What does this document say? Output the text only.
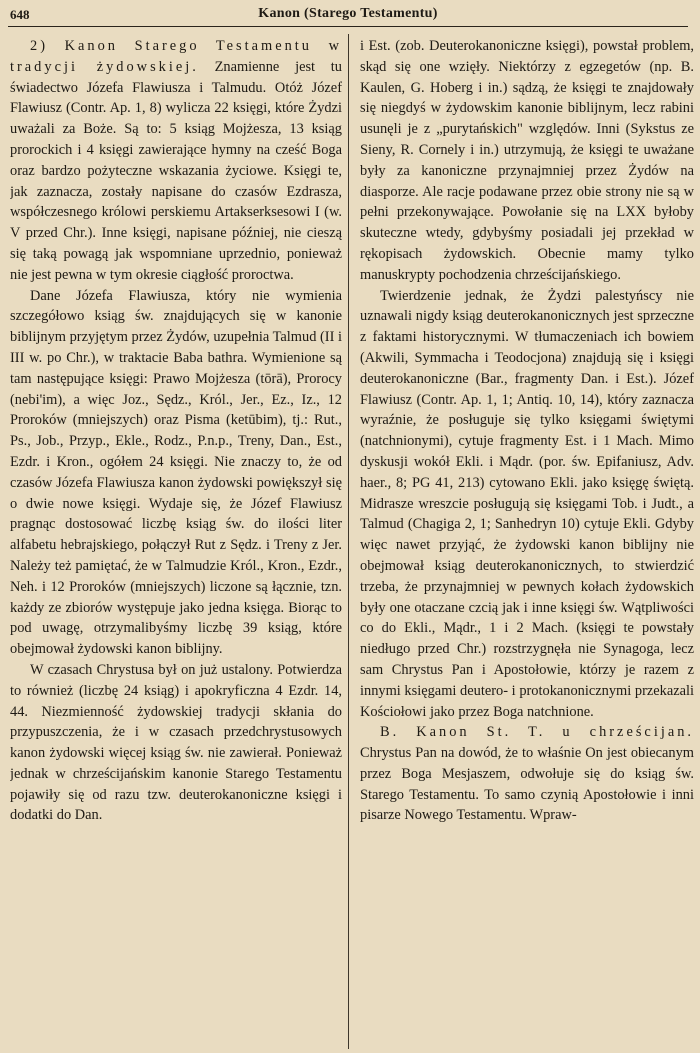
648	Kanon (Starego Testamentu)

2) Kanon Starego Testamentu w tradycji żydowskiej. Znamienne jest tu świadectwo Józefa Flawiusza i Talmudu. Otóż Józef Flawiusz (Contr. Ap. 1, 8) wylicza 22 księgi, które Żydzi uważali za Boże. Są to: 5 ksiąg Mojżesza, 13 ksiąg prorockich i 4 księgi zawierające hymny na cześć Boga oraz bardzo pożyteczne wskazania życiowe. Księgi te, jak zaznacza, zostały napisane do czasów Ezdrasza, współczesnego królowi perskiemu Artakserksesowi I (w. V przed Chr.). Inne księgi, napisane później, nie cieszą się taką powagą jak wspomniane uprzednio, ponieważ nie jest pewna w tym okresie ciągłość proroctwa.

Dane Józefa Flawiusza, który nie wymienia szczegółowo ksiąg św. znajdujących się w kanonie biblijnym przyjętym przez Żydów, uzupełnia Talmud (II i III w. po Chr.), w traktacie Baba bathra. Wymienione są tam następujące księgi: Prawo Mojżesza (tōrā), Prorocy (nebi'im), a więc Joz., Sędz., Król., Jer., Ez., Iz., 12 Proroków (mniejszych) oraz Pisma (ketūbim), tj.: Rut., Ps., Job., Przyp., Ekle., Rodz., P.n.p., Treny, Dan., Est., Ezdr. i Kron., ogółem 24 księgi. Nie znaczy to, że od czasów Józefa Flawiusza kanon żydowski powiększył się o dwie nowe księgi. Wydaje się, że Józef Flawiusz pragnąc dostosować liczbę ksiąg św. do ilości liter alfabetu hebrajskiego, połączył Rut z Sędz. i Treny z Jer. Należy też pamiętać, że w Talmudzie Król., Kron., Ezdr., Neh. i 12 Proroków (mniejszych) liczone są łącznie, tzn. każdy ze zbiorów występuje jako jedna księga. Biorąc to pod uwagę, otrzymalibyśmy liczbę 39 ksiąg, które obejmował żydowski kanon biblijny.

W czasach Chrystusa był on już ustalony. Potwierdza to również (liczbę 24 ksiąg) i apokryficzna 4 Ezdr. 14, 44. Niezmienność żydowskiej tradycji skłania do przypuszczenia, że i w czasach przedchrystusowych kanon żydowski więcej ksiąg św. nie zawierał. Ponieważ jednak w chrześcijańskim kanonie Starego Testamentu pojawiły się od razu tzw. deuterokanoniczne księgi i dodatki do Dan.

i Est. (zob. Deuterokanoniczne księgi), powstał problem, skąd się one wzięły. Niektórzy z egzegetów (np. B. Kaulen, G. Hoberg i in.) sądzą, że księgi te znajdowały się niegdyś w żydowskim kanonie biblijnym, lecz rabini usunęli je z „purytańskich" względów. Inni (Sykstus ze Sieny, R. Cornely i in.) utrzymują, że księgi te uważane były za kanoniczne przynajmniej przez Żydów na diasporze. Ale racje podawane przez obie strony nie są w pełni przekonywające. Powołanie się na LXX byłoby skuteczne wtedy, gdybyśmy posiadali jej przekład w rękopisach żydowskich. Obecnie mamy tylko manuskrypty pochodzenia chrześcijańskiego.

Twierdzenie jednak, że Żydzi palestyńscy nie uznawali nigdy ksiąg deuterokanonicznych jest sprzeczne z faktami historycznymi. W tłumaczeniach ich bowiem (Akwili, Symmacha i Teodocjona) znajdują się i księgi deuterokanoniczne (Bar., fragmenty Dan. i Est.). Józef Flawiusz (Contr. Ap. 1, 1; Antiq. 10, 14), który zaznacza wyraźnie, że posługuje się tylko księgami świętymi (natchnionymi), cytuje fragmenty Est. i 1 Mach. Mimo dyskusji wokół Ekli. i Mądr. (por. św. Epifaniusz, Adv. haer., 8; PG 41, 213) cytowano Ekli. jako księgę świętą. Midrasze wreszcie posługują się księgami Tob. i Judt., a Talmud (Chagiga 2, 1; Sanhedryn 10) cytuje Ekli. Gdyby więc nawet przyjąć, że żydowski kanon biblijny nie obejmował ksiąg deuterokanonicznych, to stwierdzić trzeba, że przynajmniej w pewnych kołach żydowskich były one otaczane czcią jak i inne księgi św. Wątpliwości co do Ekli., Mądr., 1 i 2 Mach. (księgi te powstały niedługo przed Chr.) rozstrzygnęła nie Synagoga, lecz sam Chrystus Pan i Apostołowie, którzy je razem z innymi księgami deutero- i protokanonicznymi przekazali Kościołowi jako przez Boga natchnione.

B. Kanon St. T. u chrześcijan. Chrystus Pan na dowód, że to właśnie On jest obiecanym przez Boga Mesjaszem, odwołuje się do ksiąg św. Starego Testamentu. To samo czynią Apostołowie i inni pisarze Nowego Testamentu. Wpraw-
